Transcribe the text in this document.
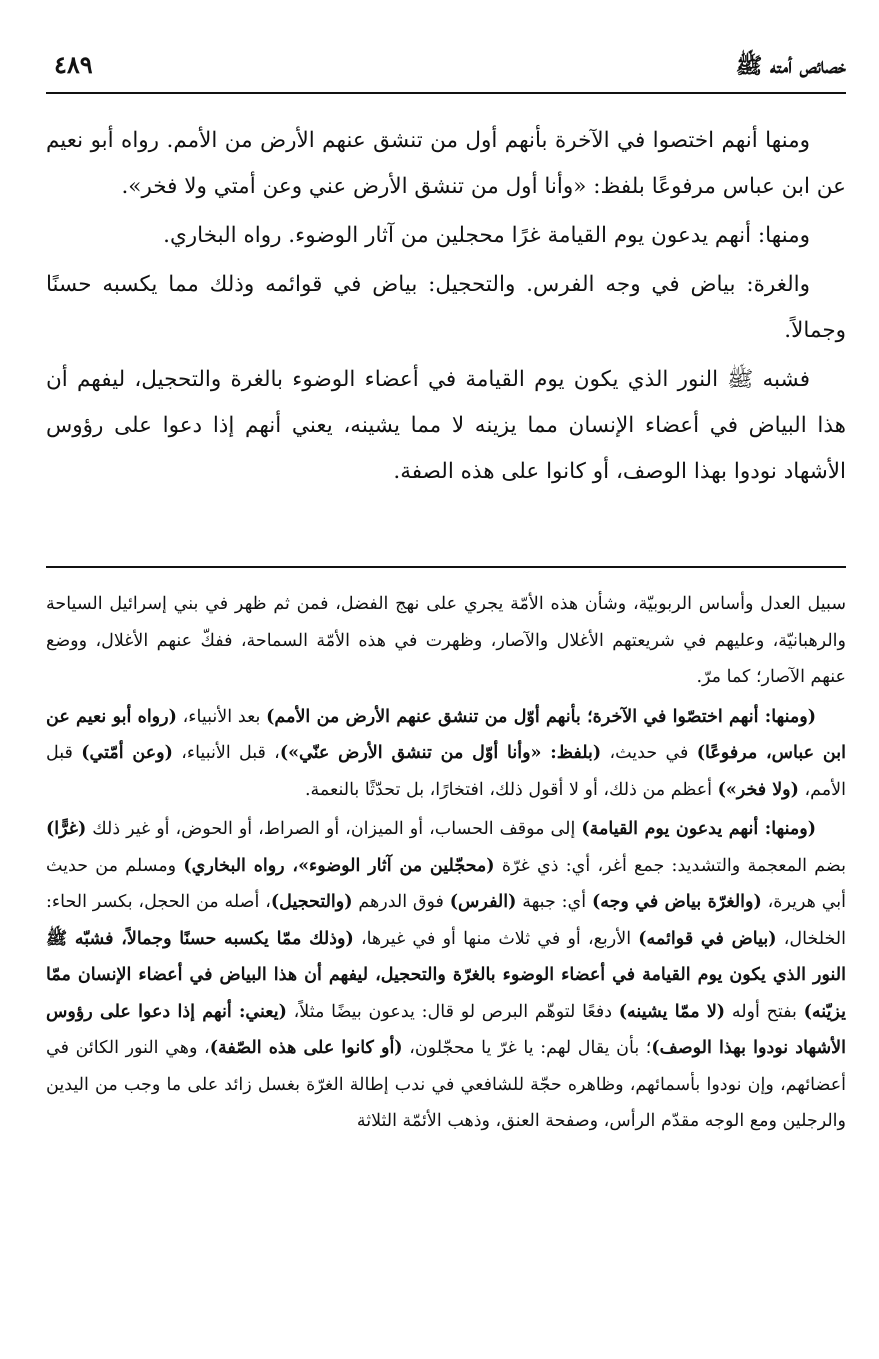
خصائص أمته ﷺ
٤٨٩

ومنها أنهم اختصوا في الآخرة بأنهم أول من تنشق عنهم الأرض من الأمم. رواه أبو نعيم عن ابن عباس مرفوعًا بلفظ: «وأنا أول من تنشق الأرض عني وعن أمتي ولا فخر».

ومنها: أنهم يدعون يوم القيامة غرًا محجلين من آثار الوضوء. رواه البخاري.

والغرة: بياض في وجه الفرس. والتحجيل: بياض في قوائمه وذلك مما يكسبه حسنًا وجمالاً.

فشبه ﷺ النور الذي يكون يوم القيامة في أعضاء الوضوء بالغرة والتحجيل، ليفهم أن هذا البياض في أعضاء الإنسان مما يزينه لا مما يشينه، يعني أنهم إذا دعوا على رؤوس الأشهاد نودوا بهذا الوصف، أو كانوا على هذه الصفة.

سبيل العدل وأساس الربوبيّة، وشأن هذه الأمّة يجري على نهج الفضل، فمن ثم ظهر في بني إسرائيل السياحة والرهبانيّة، وعليهم في شريعتهم الأغلال والآصار، وظهرت في هذه الأمّة السماحة، ففكّ عنهم الأغلال، ووضع عنهم الآصار؛ كما مرّ.

(ومنها: أنهم اختصّوا في الآخرة؛ بأنهم أوّل من تنشق عنهم الأرض من الأمم) بعد الأنبياء، (رواه أبو نعيم عن ابن عباس، مرفوعًا) في حديث، (بلفظ: «وأنا أوّل من تنشق الأرض عنّي»)، قبل الأنبياء، (وعن أمّتي) قبل الأمم، (ولا فخر») أعظم من ذلك، أو لا أقول ذلك، افتخارًا، بل تحدّثًا بالنعمة.

(ومنها: أنهم يدعون يوم القيامة) إلى موقف الحساب، أو الميزان، أو الصراط، أو الحوض، أو غير ذلك (غرًّا) بضم المعجمة والتشديد: جمع أغر، أي: ذي غرّة (محجّلين من آثار الوضوء»، رواه البخاري) ومسلم من حديث أبي هريرة، (والغرّة بياض في وجه) أي: جبهة (الفرس) فوق الدرهم (والتحجيل)، أصله من الحجل، بكسر الحاء: الخلخال، (بياض في قوائمه) الأربع، أو في ثلاث منها أو في غيرها، (وذلك ممّا يكسبه حسنًا وجمالاً، فشبّه ﷺ النور الذي يكون يوم القيامة في أعضاء الوضوء بالغرّة والتحجيل، ليفهم أن هذا البياض في أعضاء الإنسان ممّا يزيّنه) بفتح أوله (لا ممّا يشينه) دفعًا لتوهّم البرص لو قال: يدعون بيضًا مثلاً، (يعني: أنهم إذا دعوا على رؤوس الأشهاد نودوا بهذا الوصف)؛ بأن يقال لهم: يا غرّ يا محجّلون، (أو كانوا على هذه الصّفة)، وهي النور الكائن في أعضائهم، وإن نودوا بأسمائهم، وظاهره حجّة للشافعي في ندب إطالة الغرّة بغسل زائد على ما وجب من اليدين والرجلين ومع الوجه مقدّم الرأس، وصفحة العنق، وذهب الأئمّة الثلاثة
